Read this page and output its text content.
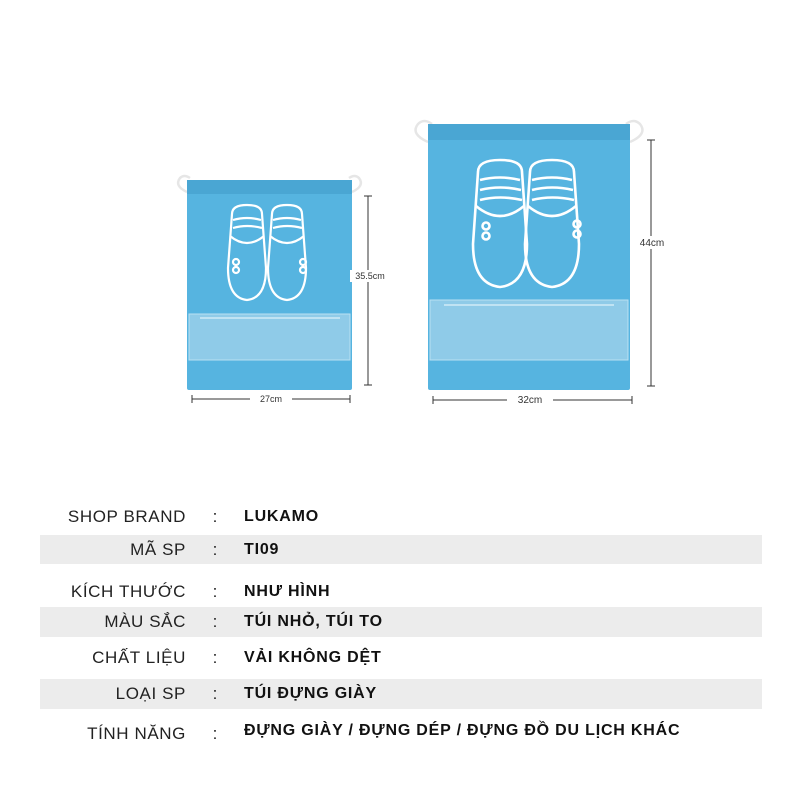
27cm
35.5cm
32cm
44cm
SHOP BRAND	:	LUKAMO
MÃ SP	:	TI09
KÍCH THƯỚC	:	NHƯ HÌNH
MÀU SẮC	:	TÚI NHỎ, TÚI TO
CHẤT LIỆU	:	VẢI KHÔNG DỆT
LOẠI SP	:	TÚI ĐỰNG GIÀY
TÍNH NĂNG	:	ĐỰNG GIÀY / ĐỰNG DÉP / ĐỰNG ĐỒ DU LỊCH KHÁC
